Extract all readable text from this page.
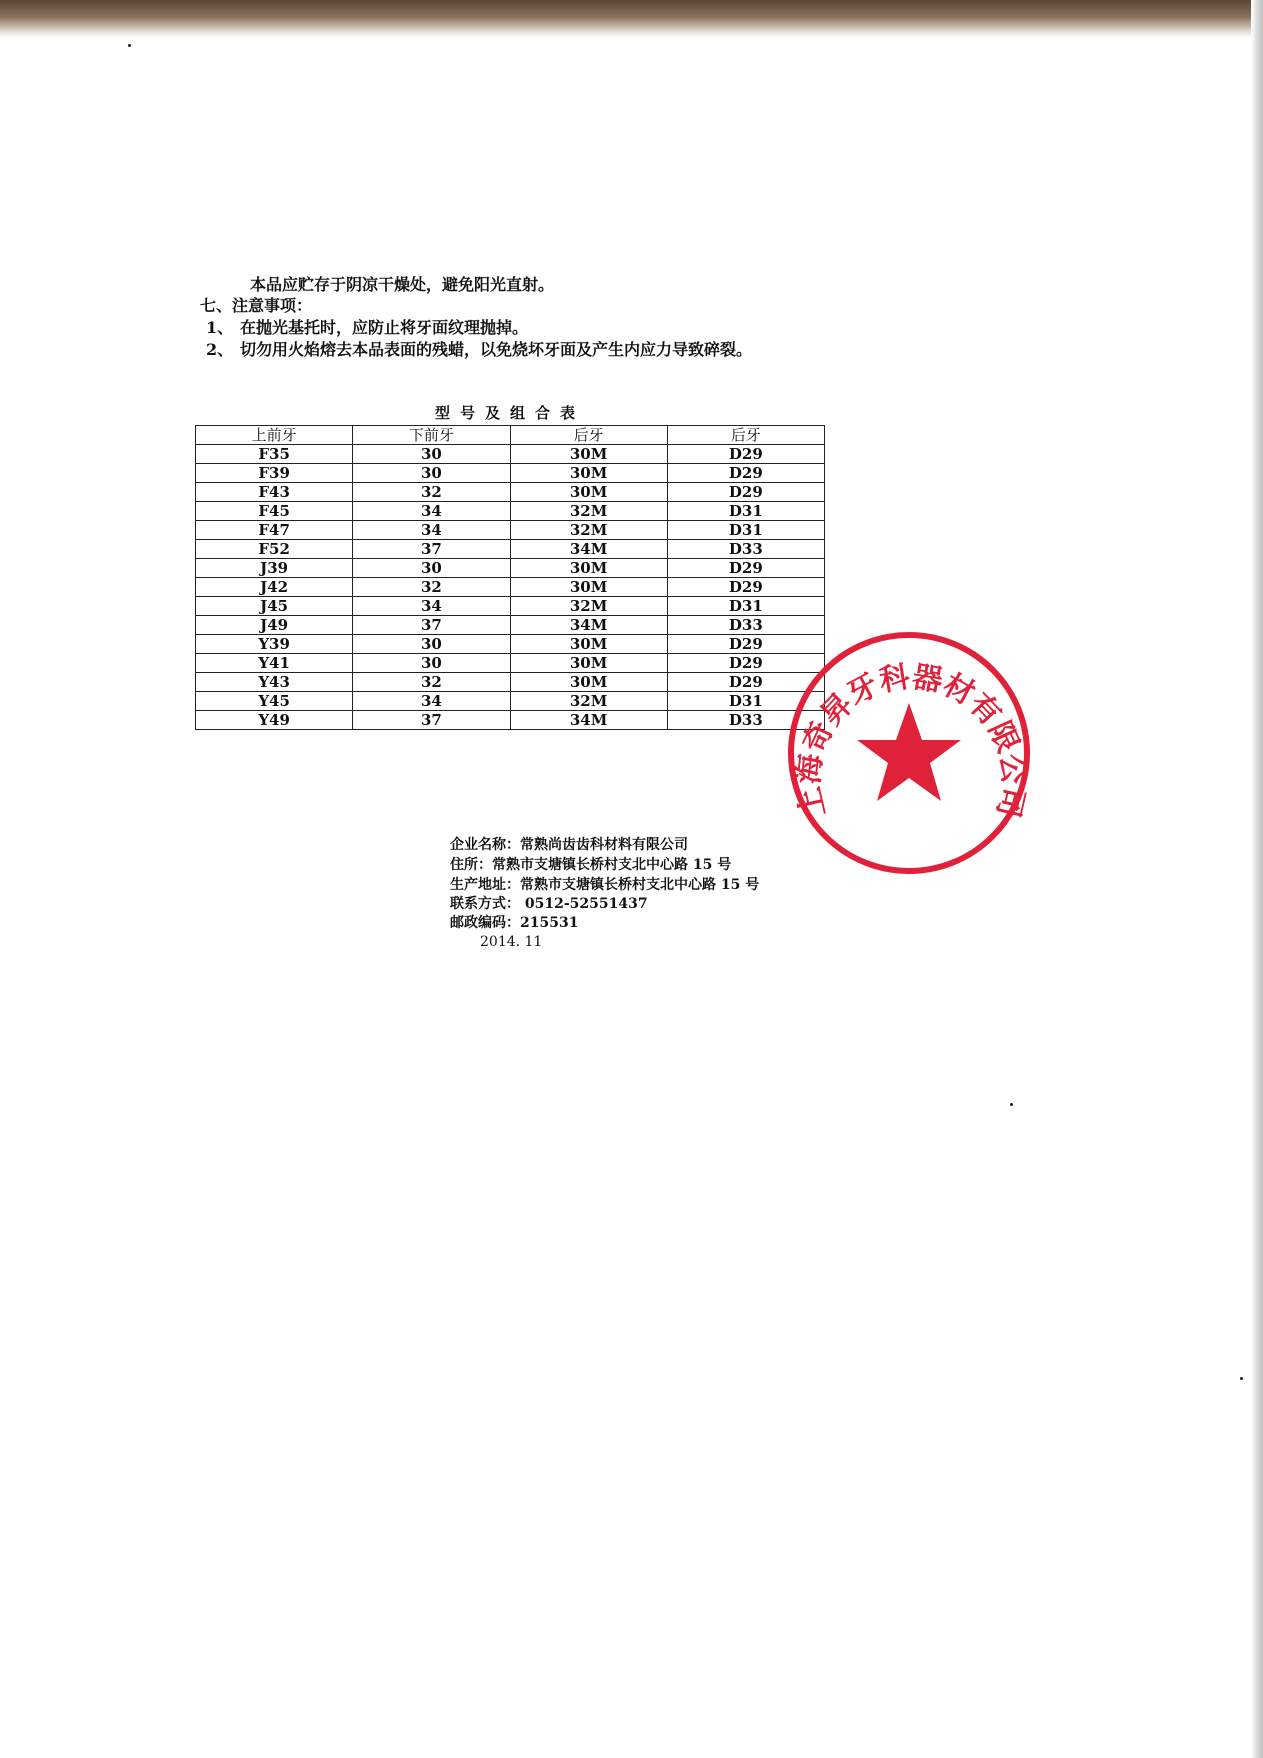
本品应贮存于阴凉干燥处，避免阳光直射。
七、注意事项：
1、 在抛光基托时，应防止将牙面纹理抛掉。
2、 切勿用火焰熔去本品表面的残蜡，以免烧坏牙面及产生内应力导致碎裂。
型号及组合表
上前牙	下前牙	后牙	后牙
F35	30	30M	D29
F39	30	30M	D29
F43	32	30M	D29
F45	34	32M	D31
F47	34	32M	D31
F52	37	34M	D33
J39	30	30M	D29
J42	32	30M	D29
J45	34	32M	D31
J49	37	34M	D33
Y39	30	30M	D29
Y41	30	30M	D29
Y43	32	30M	D29
Y45	34	32M	D31
Y49	37	34M	D33
企业名称：常熟尚齿齿科材料有限公司
住所：常熟市支塘镇长桥村支北中心路 15 号
生产地址：常熟市支塘镇长桥村支北中心路 15 号
联系方式： 0512-52551437
邮政编码：215531
2014. 11
上海奇昇牙科器材有限公司
